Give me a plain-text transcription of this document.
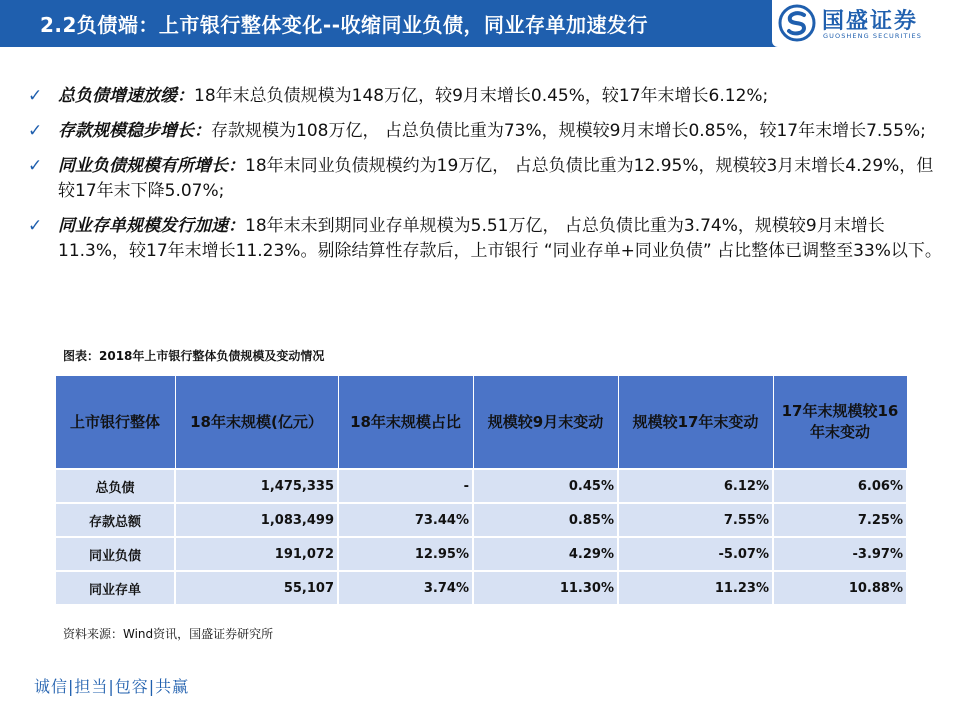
2.2负债端：上市银行整体变化--收缩同业负债，同业存单加速发行	国盛证券
GUOSHENG SECURITIES
✓ 总负债增速放缓：18年末总负债规模为148万亿，较9月末增长0.45%，较17年末增长6.12%;
✓ 存款规模稳步增长：存款规模为108万亿， 占总负债比重为73%，规模较9月末增长0.85%，较17年末增长7.55%;
✓ 同业负债规模有所增长：18年末同业负债规模约为19万亿， 占总负债比重为12.95%，规模较3月末增长4.29%，但较17年末下降5.07%;
✓ 同业存单规模发行加速：18年末未到期同业存单规模为5.51万亿， 占总负债比重为3.74%，规模较9月末增长11.3%，较17年末增长11.23%。剔除结算性存款后，上市银行 “同业存单+同业负债” 占比整体已调整至33%以下。
图表：2018年上市银行整体负债规模及变动情况
上市银行整体	18年末规模(亿元）	18年末规模占比	规模较9月末变动	规模较17年末变动	17年末规模较16年末变动
总负债	1,475,335	-	0.45%	6.12%	6.06%
存款总额	1,083,499	73.44%	0.85%	7.55%	7.25%
同业负债	191,072	12.95%	4.29%	-5.07%	-3.97%
同业存单	55,107	3.74%	11.30%	11.23%	10.88%
资料来源：Wind资讯，国盛证券研究所
诚信|担当|包容|共赢
